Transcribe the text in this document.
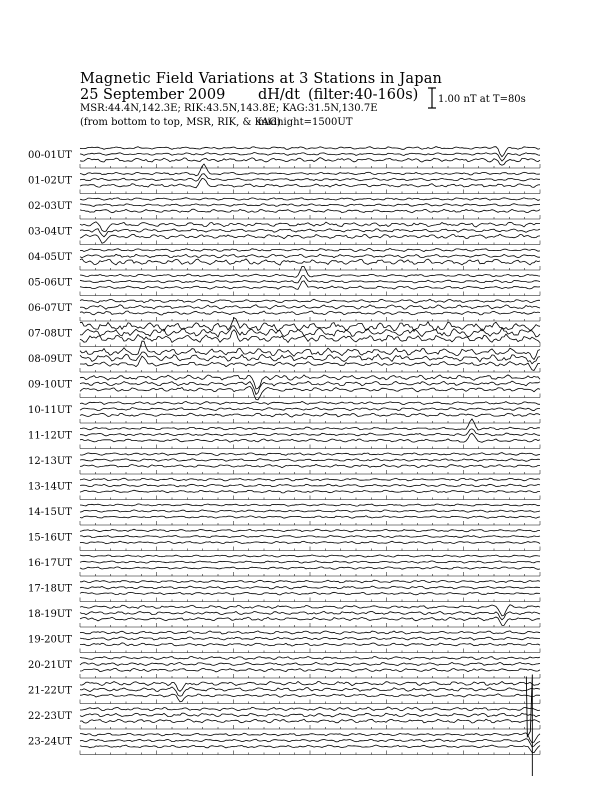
Magnetic Field Variations at 3 Stations in Japan
25 September 2009 dH/dt (filter:40-160s)
MSR:44.4N,142.3E; RIK:43.5N,143.8E; KAG:31.5N,130.7E
(from bottom to top, MSR, RIK, & KAG)
midnight=1500UT
1.00 nT at T=80s
00-01UT
01-02UT
02-03UT
03-04UT
04-05UT
05-06UT
06-07UT
07-08UT
08-09UT
09-10UT
10-11UT
11-12UT
12-13UT
13-14UT
14-15UT
15-16UT
16-17UT
17-18UT
18-19UT
19-20UT
20-21UT
21-22UT
22-23UT
23-24UT
